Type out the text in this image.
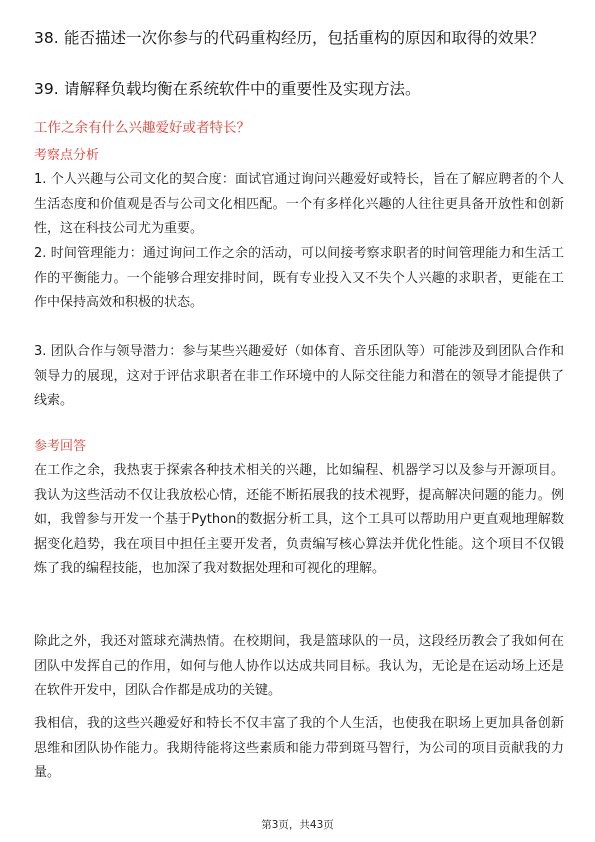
38. 能否描述一次你参与的代码重构经历，包括重构的原因和取得的效果？
39. 请解释负载均衡在系统软件中的重要性及实现方法。
工作之余有什么兴趣爱好或者特长？
考察点分析
1. 个人兴趣与公司文化的契合度：面试官通过询问兴趣爱好或特长，旨在了解应聘者的个人生活态度和价值观是否与公司文化相匹配。一个有多样化兴趣的人往往更具备开放性和创新性，这在科技公司尤为重要。
2. 时间管理能力：通过询问工作之余的活动，可以间接考察求职者的时间管理能力和生活工作的平衡能力。一个能够合理安排时间，既有专业投入又不失个人兴趣的求职者，更能在工作中保持高效和积极的状态。
3. 团队合作与领导潜力：参与某些兴趣爱好（如体育、音乐团队等）可能涉及到团队合作和领导力的展现，这对于评估求职者在非工作环境中的人际交往能力和潜在的领导才能提供了线索。
参考回答
在工作之余，我热衷于探索各种技术相关的兴趣，比如编程、机器学习以及参与开源项目。我认为这些活动不仅让我放松心情，还能不断拓展我的技术视野，提高解决问题的能力。例如，我曾参与开发一个基于Python的数据分析工具，这个工具可以帮助用户更直观地理解数据变化趋势，我在项目中担任主要开发者，负责编写核心算法并优化性能。这个项目不仅锻炼了我的编程技能，也加深了我对数据处理和可视化的理解。
除此之外，我还对篮球充满热情。在校期间，我是篮球队的一员，这段经历教会了我如何在团队中发挥自己的作用，如何与他人协作以达成共同目标。我认为，无论是在运动场上还是在软件开发中，团队合作都是成功的关键。
我相信，我的这些兴趣爱好和特长不仅丰富了我的个人生活，也使我在职场上更加具备创新思维和团队协作能力。我期待能将这些素质和能力带到斑马智行，为公司的项目贡献我的力量。
第3页，共43页
